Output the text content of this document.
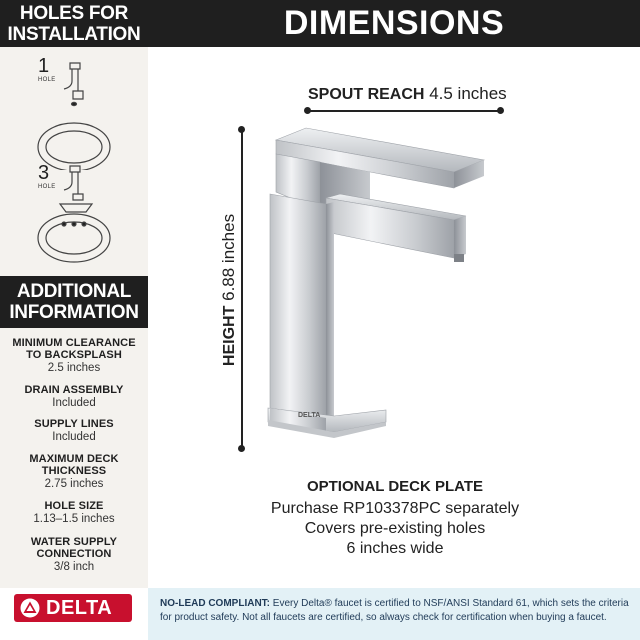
HOLES FOR
INSTALLATION
1
HOLE
3
HOLE
ADDITIONAL
INFORMATION
MINIMUM CLEARANCE
TO BACKSPLASH
2.5 inches
DRAIN ASSEMBLY
Included
SUPPLY LINES
Included
MAXIMUM DECK
THICKNESS
2.75 inches
HOLE SIZE
1.13–1.5 inches
WATER SUPPLY
CONNECTION
3/8 inch
DIMENSIONS
SPOUT REACH 4.5 inches
HEIGHT 6.88 inches
DELTA
OPTIONAL DECK PLATE
Purchase RP103378PC separately
Covers pre-existing holes
6 inches wide
DELTA	NO-LEAD COMPLIANT: Every Delta® faucet is certified to NSF/ANSI Standard 61, which sets the criteria for product safety. Not all faucets are certified, so always check for certification when buying a faucet.
